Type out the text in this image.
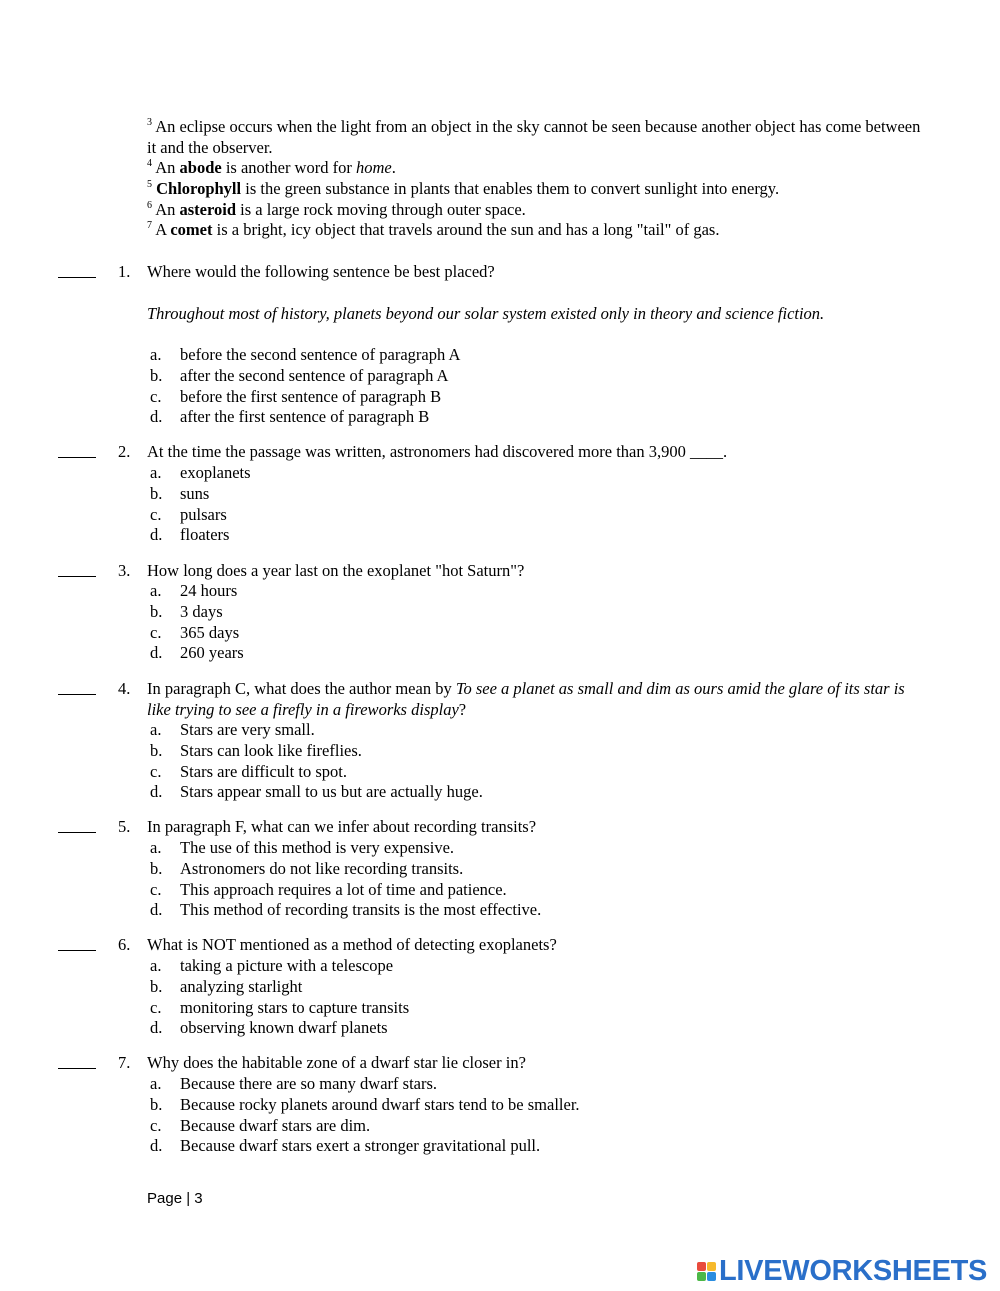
$^3$ An eclipse occurs when the light from an object in the sky cannot be seen because another object has come between it and the observer.
$^4$ An abode is another word for home.
$^5$ Chlorophyll is the green substance in plants that enables them to convert sunlight into energy.
$^6$ An asteroid is a large rock moving through outer space.
$^7$ A comet is a bright, icy object that travels around the sun and has a long "tail" of gas.
1. Where would the following sentence be best placed?
Throughout most of history, planets beyond our solar system existed only in theory and science fiction.
a. before the second sentence of paragraph A
b. after the second sentence of paragraph A
c. before the first sentence of paragraph B
d. after the first sentence of paragraph B
2. At the time the passage was written, astronomers had discovered more than 3,900 ____.
a. exoplanets
b. suns
c. pulsars
d. floaters
3. How long does a year last on the exoplanet "hot Saturn"?
a. 24 hours
b. 3 days
c. 365 days
d. 260 years
4. In paragraph C, what does the author mean by To see a planet as small and dim as ours amid the glare of its star is like trying to see a firefly in a fireworks display?
a. Stars are very small.
b. Stars can look like fireflies.
c. Stars are difficult to spot.
d. Stars appear small to us but are actually huge.
5. In paragraph F, what can we infer about recording transits?
a. The use of this method is very expensive.
b. Astronomers do not like recording transits.
c. This approach requires a lot of time and patience.
d. This method of recording transits is the most effective.
6. What is NOT mentioned as a method of detecting exoplanets?
a. taking a picture with a telescope
b. analyzing starlight
c. monitoring stars to capture transits
d. observing known dwarf planets
7. Why does the habitable zone of a dwarf star lie closer in?
a. Because there are so many dwarf stars.
b. Because rocky planets around dwarf stars tend to be smaller.
c. Because dwarf stars are dim.
d. Because dwarf stars exert a stronger gravitational pull.
Page | 3
LIVEWORKSHEETS
